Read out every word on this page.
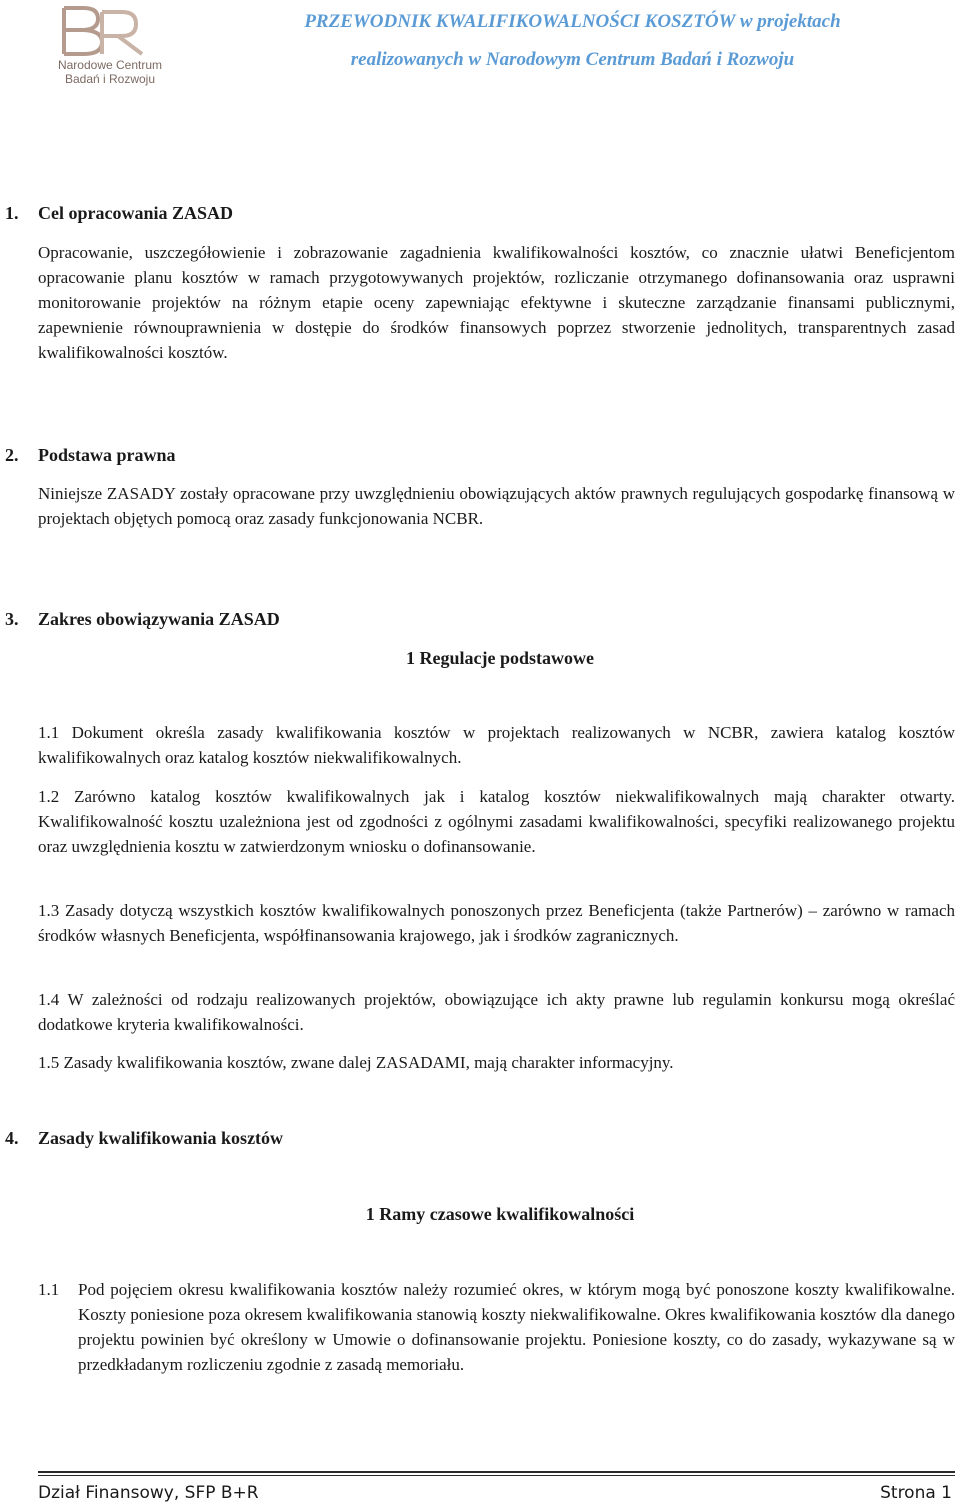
Narodowe Centrum
Badań i Rozwoju
PRZEWODNIK KWALIFIKOWALNOŚCI KOSZTÓW w projektach
realizowanych w Narodowym Centrum Badań i Rozwoju
1. Cel opracowania ZASAD
Opracowanie, uszczegółowienie i zobrazowanie zagadnienia kwalifikowalności kosztów, co znacznie ułatwi Beneficjentom opracowanie planu kosztów w ramach przygotowywanych projektów, rozliczanie otrzymanego dofinansowania oraz usprawni monitorowanie projektów na różnym etapie oceny zapewniając efektywne i skuteczne zarządzanie finansami publicznymi, zapewnienie równouprawnienia w dostępie do środków finansowych poprzez stworzenie jednolitych, transparentnych zasad kwalifikowalności kosztów.
2. Podstawa prawna
Niniejsze ZASADY zostały opracowane przy uwzględnieniu obowiązujących aktów prawnych regulujących gospodarkę finansową w projektach objętych pomocą oraz zasady funkcjonowania NCBR.
3. Zakres obowiązywania ZASAD
1 Regulacje podstawowe
1.1 Dokument określa zasady kwalifikowania kosztów w projektach realizowanych w NCBR, zawiera katalog kosztów kwalifikowalnych oraz katalog kosztów niekwalifikowalnych.
1.2 Zarówno katalog kosztów kwalifikowalnych jak i katalog kosztów niekwalifikowalnych mają charakter otwarty. Kwalifikowalność kosztu uzależniona jest od zgodności z ogólnymi zasadami kwalifikowalności, specyfiki realizowanego projektu oraz uwzględnienia kosztu w zatwierdzonym wniosku o dofinansowanie.
1.3 Zasady dotyczą wszystkich kosztów kwalifikowalnych ponoszonych przez Beneficjenta (także Partnerów) – zarówno w ramach środków własnych Beneficjenta, współfinansowania krajowego, jak i środków zagranicznych.
1.4 W zależności od rodzaju realizowanych projektów, obowiązujące ich akty prawne lub regulamin konkursu mogą określać dodatkowe kryteria kwalifikowalności.
1.5 Zasady kwalifikowania kosztów, zwane dalej ZASADAMI, mają charakter informacyjny.
4. Zasady kwalifikowania kosztów
1 Ramy czasowe kwalifikowalności
1.1 Pod pojęciem okresu kwalifikowania kosztów należy rozumieć okres, w którym mogą być ponoszone koszty kwalifikowalne. Koszty poniesione poza okresem kwalifikowania stanowią koszty niekwalifikowalne. Okres kwalifikowania kosztów dla danego projektu powinien być określony w Umowie o dofinansowanie projektu. Poniesione koszty, co do zasady, wykazywane są w przedkładanym rozliczeniu zgodnie z zasadą memoriału.
Dział Finansowy, SFP B+R	Strona 1
